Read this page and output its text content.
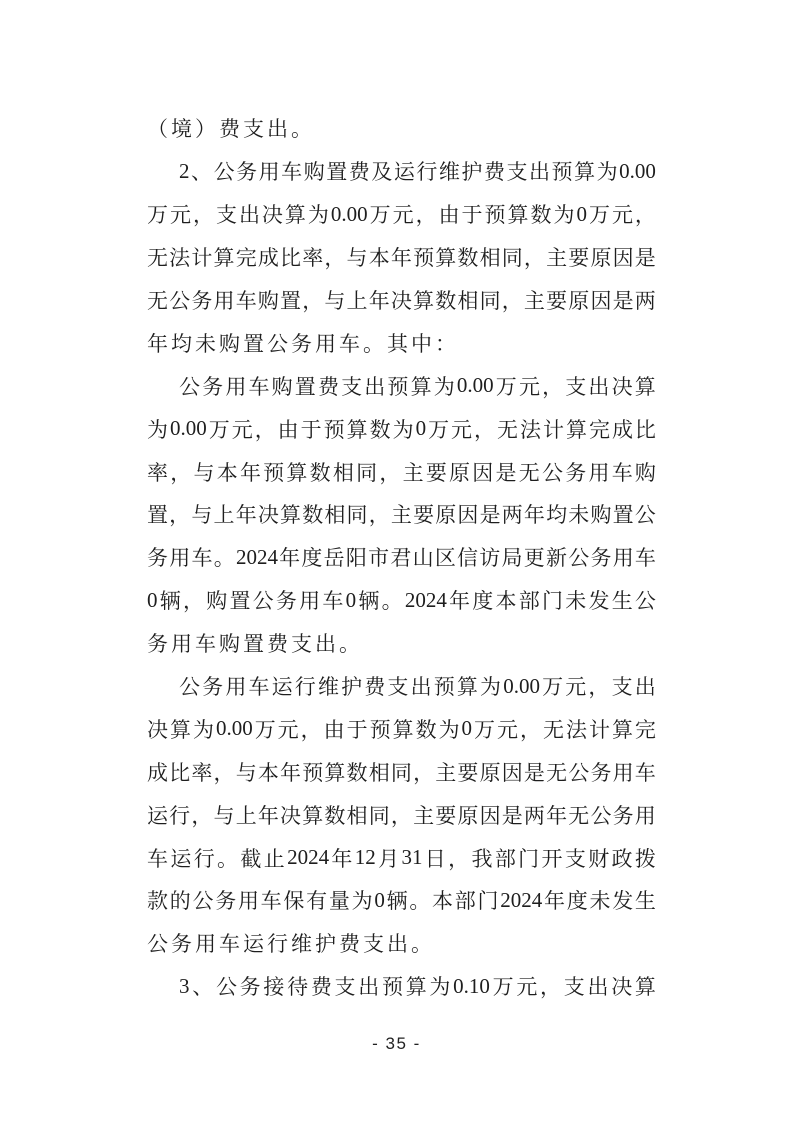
（ 境 ） 费 支 出 。
2 、 公 务 用 车 购 置 费 及 运 行 维 护 费 支 出 预 算 为 0.00
万 元 ， 支 出 决 算 为 0.00 万 元 ， 由 于 预 算 数 为 0 万 元 ，
无 法 计 算 完 成 比 率 ， 与 本 年 预 算 数 相 同 ， 主 要 原 因 是
无 公 务 用 车 购 置 ， 与 上 年 决 算 数 相 同 ， 主 要 原 因 是 两
年 均 未 购 置 公 务 用 车 。 其 中 ：
公 务 用 车 购 置 费 支 出 预 算 为 0.00 万 元 ， 支 出 决 算
为 0.00 万 元 ， 由 于 预 算 数 为 0 万 元 ， 无 法 计 算 完 成 比
率 ， 与 本 年 预 算 数 相 同 ， 主 要 原 因 是 无 公 务 用 车 购
置 ， 与 上 年 决 算 数 相 同 ， 主 要 原 因 是 两 年 均 未 购 置 公
务 用 车 。 2024 年 度 岳 阳 市 君 山 区 信 访 局 更 新 公 务 用 车
0 辆 ， 购 置 公 务 用 车 0 辆 。 2024 年 度 本 部 门 未 发 生 公
务 用 车 购 置 费 支 出 。
公 务 用 车 运 行 维 护 费 支 出 预 算 为 0.00 万 元 ， 支 出
决 算 为 0.00 万 元 ， 由 于 预 算 数 为 0 万 元 ， 无 法 计 算 完
成 比 率 ， 与 本 年 预 算 数 相 同 ， 主 要 原 因 是 无 公 务 用 车
运 行 ， 与 上 年 决 算 数 相 同 ， 主 要 原 因 是 两 年 无 公 务 用
车 运 行 。 截 止 2024 年 12 月 31 日 ， 我 部 门 开 支 财 政 拨
款 的 公 务 用 车 保 有 量 为 0 辆 。 本 部 门 2024 年 度 未 发 生
公 务 用 车 运 行 维 护 费 支 出 。
3 、 公 务 接 待 费 支 出 预 算 为 0.10 万 元 ， 支 出 决 算
- 35 -
